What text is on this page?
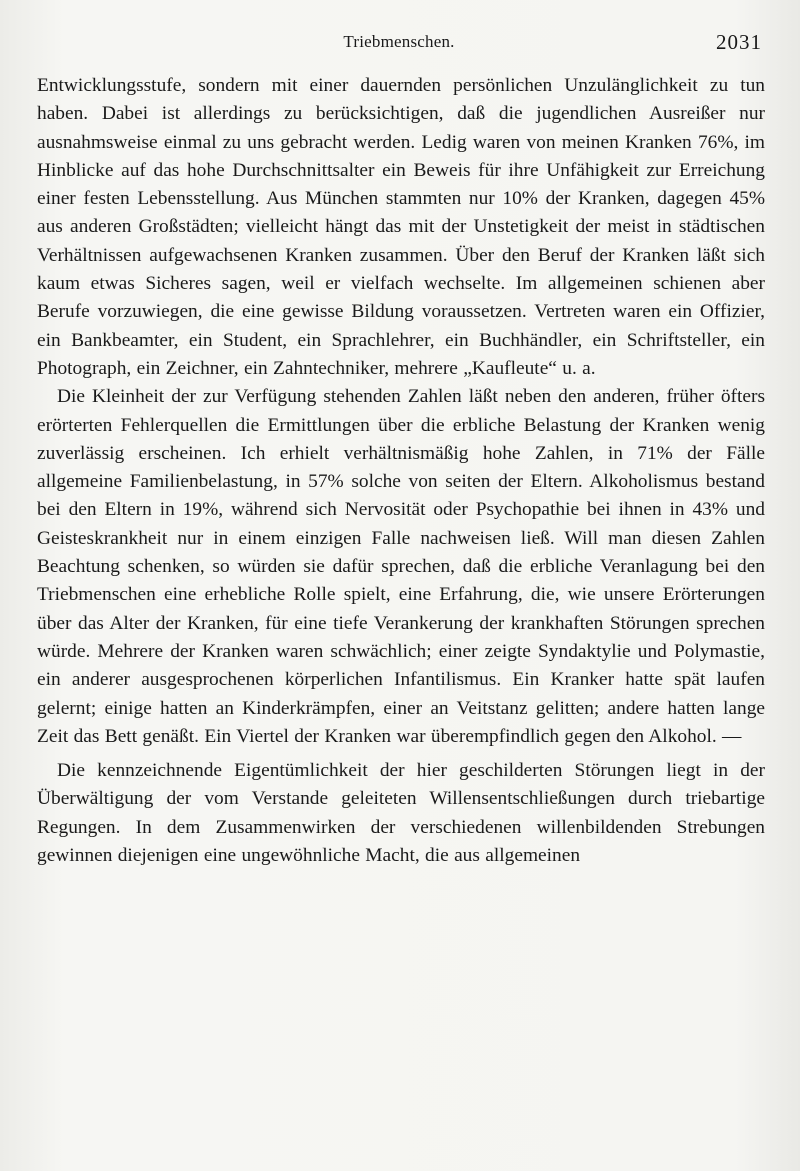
Triebmenschen.	2031

Entwicklungsstufe, sondern mit einer dauernden persönlichen Unzulänglichkeit zu tun haben. Dabei ist allerdings zu berücksichtigen, daß die jugendlichen Ausreißer nur ausnahmsweise einmal zu uns gebracht werden. Ledig waren von meinen Kranken 76%, im Hinblicke auf das hohe Durchschnittsalter ein Beweis für ihre Unfähigkeit zur Erreichung einer festen Lebensstellung. Aus München stammten nur 10% der Kranken, dagegen 45% aus anderen Großstädten; vielleicht hängt das mit der Unstetigkeit der meist in städtischen Verhältnissen aufgewachsenen Kranken zusammen. Über den Beruf der Kranken läßt sich kaum etwas Sicheres sagen, weil er vielfach wechselte. Im allgemeinen schienen aber Berufe vorzuwiegen, die eine gewisse Bildung voraussetzen. Vertreten waren ein Offizier, ein Bankbeamter, ein Student, ein Sprachlehrer, ein Buchhändler, ein Schriftsteller, ein Photograph, ein Zeichner, ein Zahntechniker, mehrere „Kaufleute“ u. a.

Die Kleinheit der zur Verfügung stehenden Zahlen läßt neben den anderen, früher öfters erörterten Fehlerquellen die Ermittlungen über die erbliche Belastung der Kranken wenig zuverlässig erscheinen. Ich erhielt verhältnismäßig hohe Zahlen, in 71% der Fälle allgemeine Familienbelastung, in 57% solche von seiten der Eltern. Alkoholismus bestand bei den Eltern in 19%, während sich Nervosität oder Psychopathie bei ihnen in 43% und Geisteskrankheit nur in einem einzigen Falle nachweisen ließ. Will man diesen Zahlen Beachtung schenken, so würden sie dafür sprechen, daß die erbliche Veranlagung bei den Triebmenschen eine erhebliche Rolle spielt, eine Erfahrung, die, wie unsere Erörterungen über das Alter der Kranken, für eine tiefe Verankerung der krankhaften Störungen sprechen würde. Mehrere der Kranken waren schwächlich; einer zeigte Syndaktylie und Polymastie, ein anderer ausgesprochenen körperlichen Infantilismus. Ein Kranker hatte spät laufen gelernt; einige hatten an Kinderkrämpfen, einer an Veitstanz gelitten; andere hatten lange Zeit das Bett genäßt. Ein Viertel der Kranken war überempfindlich gegen den Alkohol. —

Die kennzeichnende Eigentümlichkeit der hier geschilderten Störungen liegt in der Überwältigung der vom Verstande geleiteten Willensentschließungen durch triebartige Regungen. In dem Zusammenwirken der verschiedenen willenbildenden Strebungen gewinnen diejenigen eine ungewöhnliche Macht, die aus allgemeinen
